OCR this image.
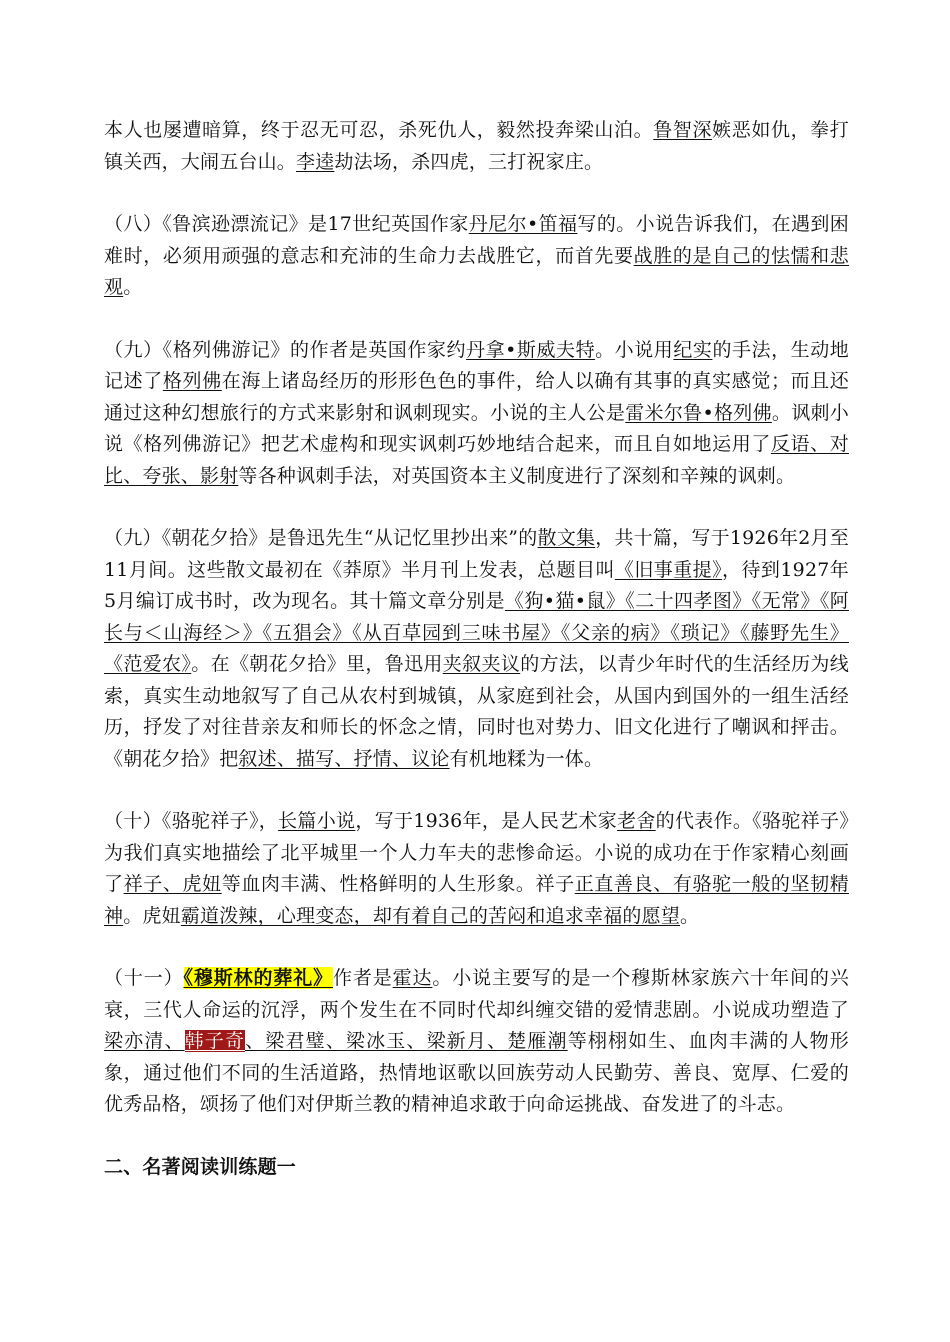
本人也屡遭暗算，终于忍无可忍，杀死仇人，毅然投奔梁山泊。鲁智深嫉恶如仇，拳打镇关西，大闹五台山。李逵劫法场，杀四虎，三打祝家庄。

（八）《鲁滨逊漂流记》是17世纪英国作家丹尼尔•笛福写的。小说告诉我们，在遇到困难时，必须用顽强的意志和充沛的生命力去战胜它，而首先要战胜的是自己的怯懦和悲观。

（九）《格列佛游记》的作者是英国作家约丹拿•斯威夫特。小说用纪实的手法，生动地记述了格列佛在海上诸岛经历的形形色色的事件，给人以确有其事的真实感觉；而且还通过这种幻想旅行的方式来影射和讽刺现实。小说的主人公是雷米尔鲁•格列佛。讽刺小说《格列佛游记》把艺术虚构和现实讽刺巧妙地结合起来，而且自如地运用了反语、对比、夸张、影射等各种讽刺手法，对英国资本主义制度进行了深刻和辛辣的讽刺。

（九）《朝花夕拾》是鲁迅先生“从记忆里抄出来”的散文集，共十篇，写于1926年2月至11月间。这些散文最初在《莽原》半月刊上发表，总题目叫《旧事重提》，待到1927年5月编订成书时，改为现名。其十篇文章分别是《狗•猫•鼠》《二十四孝图》《无常》《阿长与＜山海经＞》《五猖会》《从百草园到三味书屋》《父亲的病》《琐记》《藤野先生》《范爱农》。在《朝花夕拾》里，鲁迅用夹叙夹议的方法，以青少年时代的生活经历为线索，真实生动地叙写了自己从农村到城镇，从家庭到社会，从国内到国外的一组生活经历，抒发了对往昔亲友和师长的怀念之情，同时也对势力、旧文化进行了嘲讽和抨击。《朝花夕拾》把叙述、描写、抒情、议论有机地糅为一体。

（十）《骆驼祥子》，长篇小说，写于1936年，是人民艺术家老舍的代表作。《骆驼祥子》为我们真实地描绘了北平城里一个人力车夫的悲惨命运。小说的成功在于作家精心刻画了祥子、虎妞等血肉丰满、性格鲜明的人生形象。祥子正直善良、有骆驼一般的坚韧精神。虎妞霸道泼辣，心理变态，却有着自己的苦闷和追求幸福的愿望。

（十一）《穆斯林的葬礼》作者是霍达。小说主要写的是一个穆斯林家族六十年间的兴衰，三代人命运的沉浮，两个发生在不同时代却纠缠交错的爱情悲剧。小说成功塑造了梁亦清、韩子奇、梁君璧、梁冰玉、梁新月、楚雁潮等栩栩如生、血肉丰满的人物形象，通过他们不同的生活道路，热情地讴歌以回族劳动人民勤劳、善良、宽厚、仁爱的优秀品格，颂扬了他们对伊斯兰教的精神追求敢于向命运挑战、奋发进了的斗志。

二、名著阅读训练题一
